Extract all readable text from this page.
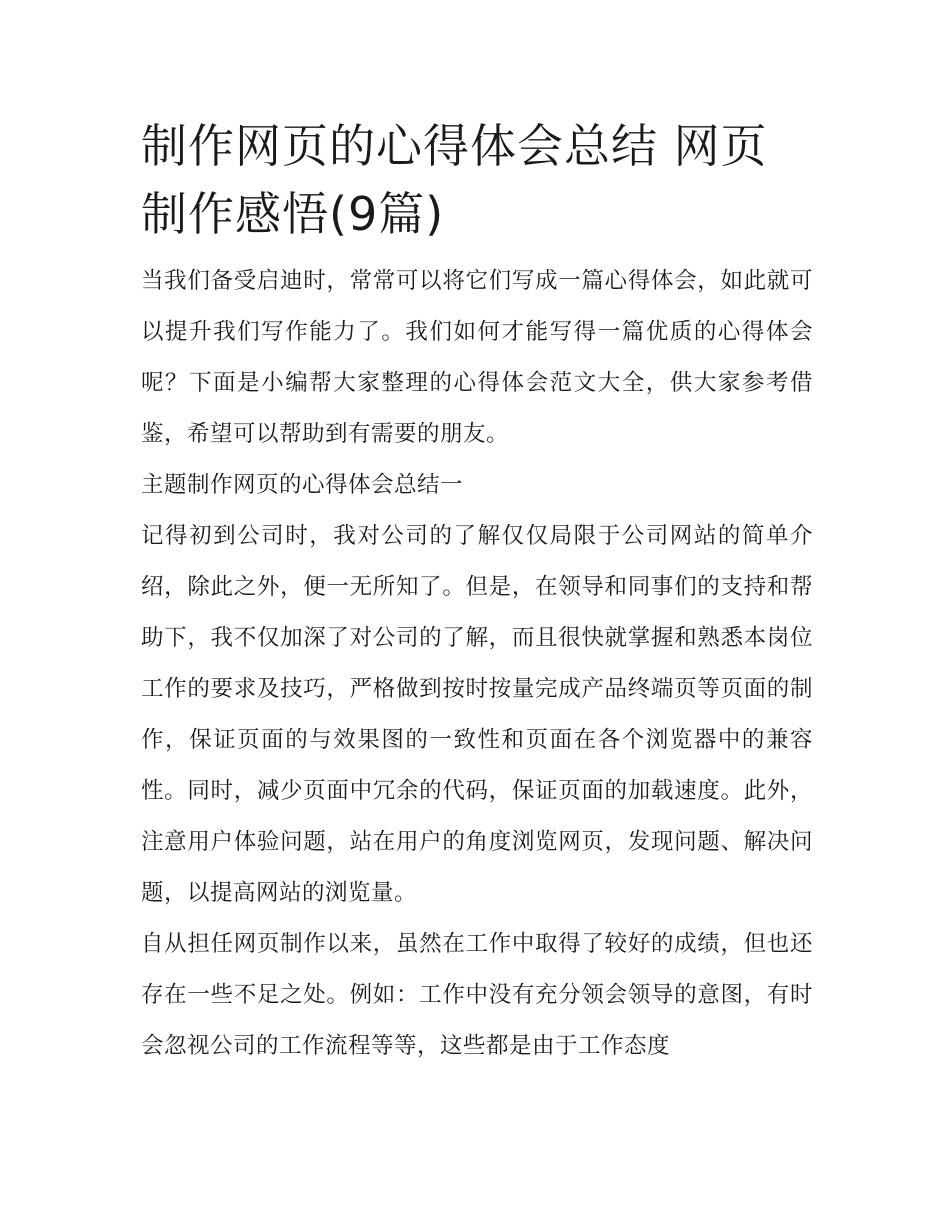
制作网页的心得体会总结 网页制作感悟(9篇)

当我们备受启迪时，常常可以将它们写成一篇心得体会，如此就可以提升我们写作能力了。我们如何才能写得一篇优质的心得体会呢？下面是小编帮大家整理的心得体会范文大全，供大家参考借鉴，希望可以帮助到有需要的朋友。

主题制作网页的心得体会总结一

记得初到公司时，我对公司的了解仅仅局限于公司网站的简单介绍，除此之外，便一无所知了。但是，在领导和同事们的支持和帮助下，我不仅加深了对公司的了解，而且很快就掌握和熟悉本岗位工作的要求及技巧，严格做到按时按量完成产品终端页等页面的制作，保证页面的与效果图的一致性和页面在各个浏览器中的兼容性。同时，减少页面中冗余的代码，保证页面的加载速度。此外，注意用户体验问题，站在用户的角度浏览网页，发现问题、解决问题，以提高网站的浏览量。

自从担任网页制作以来，虽然在工作中取得了较好的成绩，但也还存在一些不足之处。例如：工作中没有充分领会领导的意图，有时会忽视公司的工作流程等等，这些都是由于工作态度
